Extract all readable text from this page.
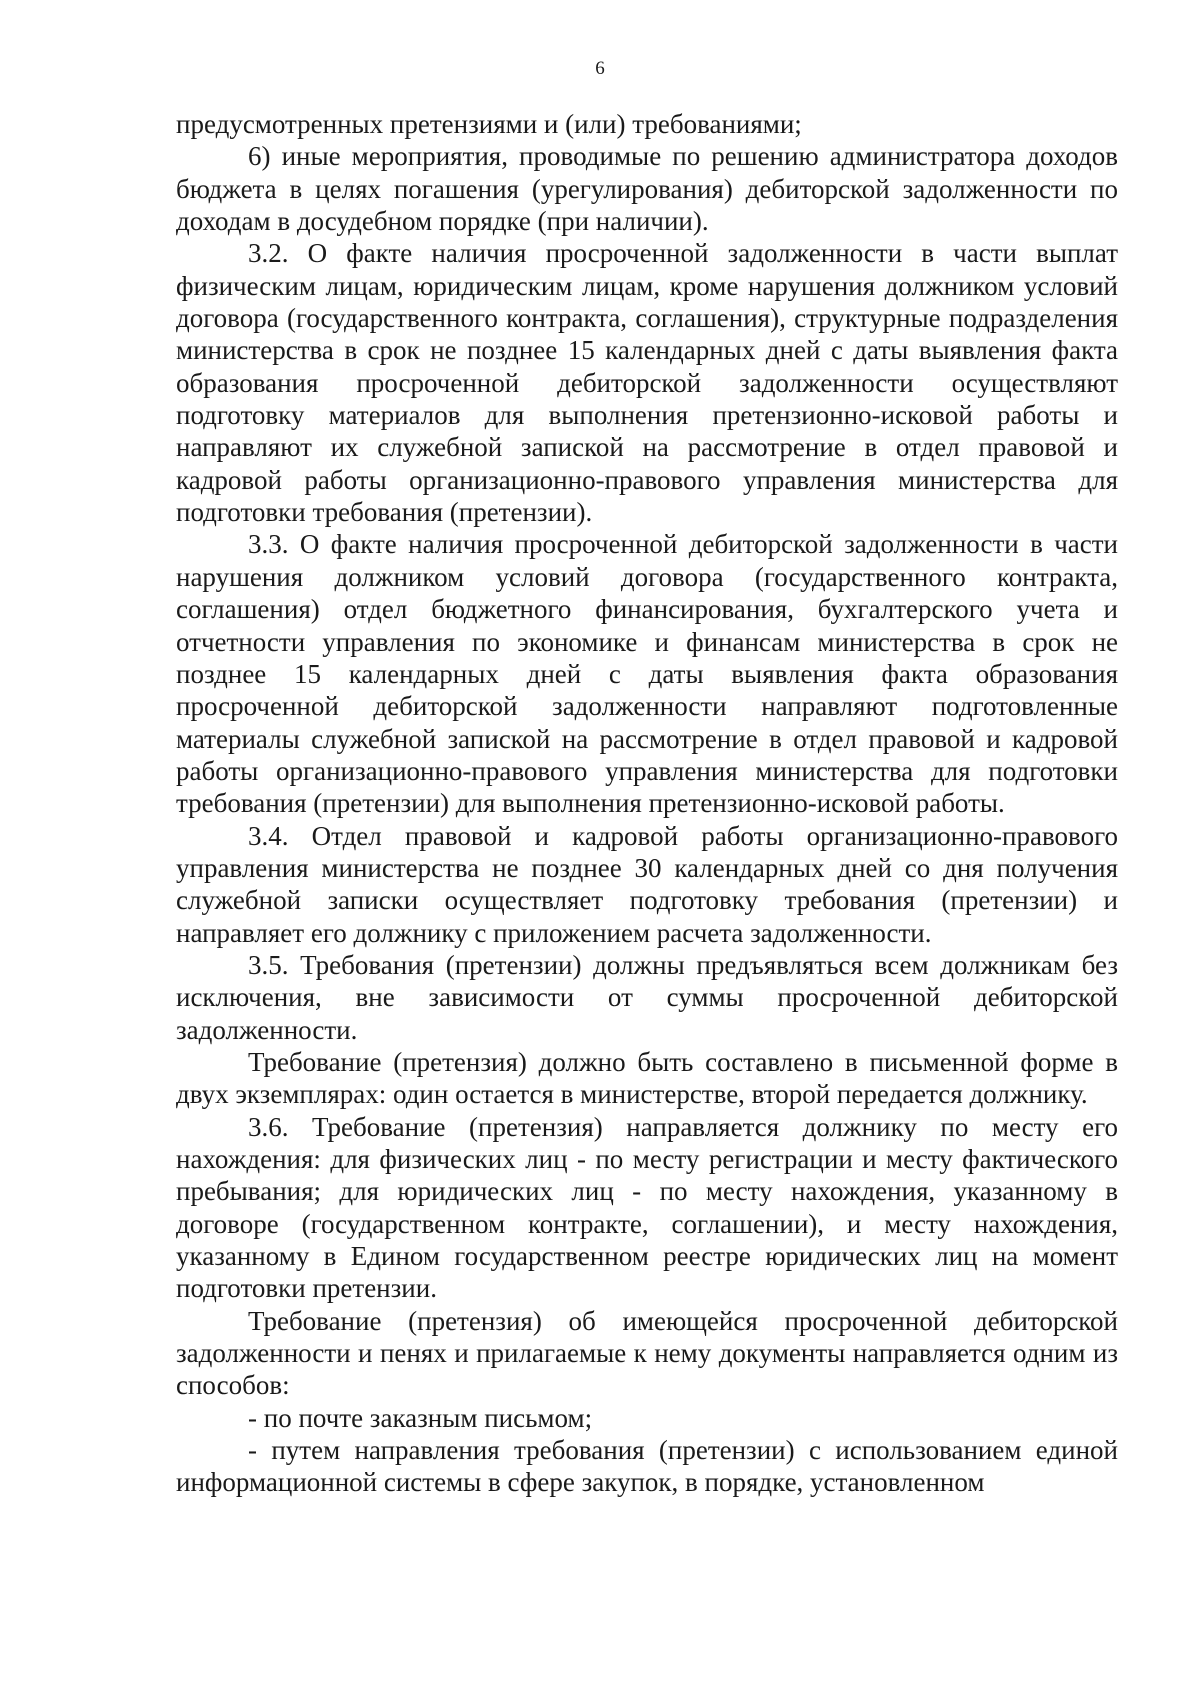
6

предусмотренных претензиями и (или) требованиями;

6) иные мероприятия, проводимые по решению администратора доходов бюджета в целях погашения (урегулирования) дебиторской задолженности по доходам в досудебном порядке (при наличии).

3.2. О факте наличия просроченной задолженности в части выплат физическим лицам, юридическим лицам, кроме нарушения должником условий договора (государственного контракта, соглашения), структурные подразделения министерства в срок не позднее 15 календарных дней с даты выявления факта образования просроченной дебиторской задолженности осуществляют подготовку материалов для выполнения претензионно-исковой работы и направляют их служебной запиской на рассмотрение в отдел правовой и кадровой работы организационно-правового управления министерства для подготовки требования (претензии).

3.3. О факте наличия просроченной дебиторской задолженности в части нарушения должником условий договора (государственного контракта, соглашения) отдел бюджетного финансирования, бухгалтерского учета и отчетности управления по экономике и финансам министерства в срок не позднее 15 календарных дней с даты выявления факта образования просроченной дебиторской задолженности направляют подготовленные материалы служебной запиской на рассмотрение в отдел правовой и кадровой работы организационно-правового управления министерства для подготовки требования (претензии) для выполнения претензионно-исковой работы.

3.4. Отдел правовой и кадровой работы организационно-правового управления министерства не позднее 30 календарных дней со дня получения служебной записки осуществляет подготовку требования (претензии) и направляет его должнику с приложением расчета задолженности.

3.5. Требования (претензии) должны предъявляться всем должникам без исключения, вне зависимости от суммы просроченной дебиторской задолженности.

Требование (претензия) должно быть составлено в письменной форме в двух экземплярах: один остается в министерстве, второй передается должнику.

3.6. Требование (претензия) направляется должнику по месту его нахождения: для физических лиц - по месту регистрации и месту фактического пребывания; для юридических лиц - по месту нахождения, указанному в договоре (государственном контракте, соглашении), и месту нахождения, указанному в Едином государственном реестре юридических лиц на момент подготовки претензии.

Требование (претензия) об имеющейся просроченной дебиторской задолженности и пенях и прилагаемые к нему документы направляется одним из способов:

- по почте заказным письмом;

- путем направления требования (претензии) с использованием единой информационной системы в сфере закупок, в порядке, установленном
